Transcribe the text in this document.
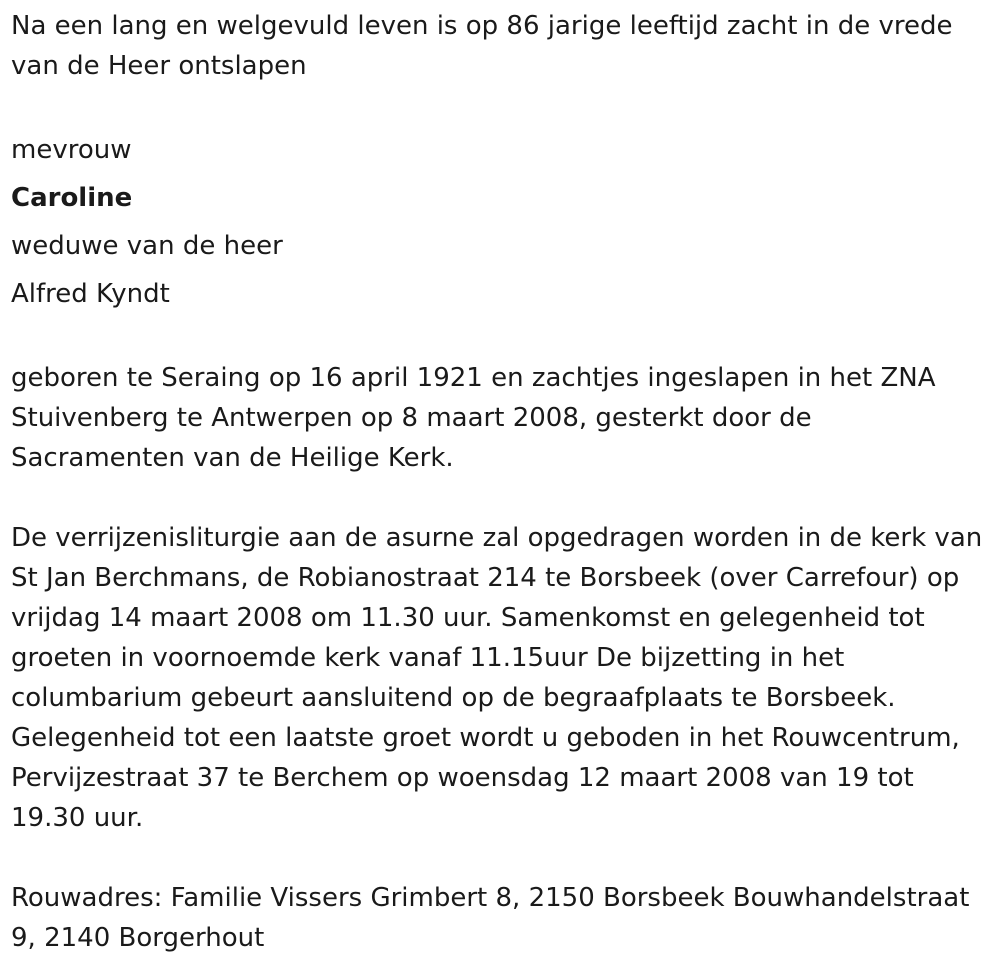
Na een lang en welgevuld leven is op 86 jarige leeftijd zacht in de vrede van de Heer ontslapen

mevrouw

Caroline

weduwe van de heer

Alfred Kyndt

geboren te Seraing op 16 april 1921 en zachtjes ingeslapen in het ZNA Stuivenberg te Antwerpen op 8 maart 2008, gesterkt door de Sacramenten van de Heilige Kerk.

De verrijzenisliturgie aan de asurne zal opgedragen worden in de kerk van St Jan Berchmans, de Robianostraat 214 te Borsbeek (over Carrefour) op vrijdag 14 maart 2008 om 11.30 uur. Samenkomst en gelegenheid tot groeten in voornoemde kerk vanaf 11.15uur De bijzetting in het columbarium gebeurt aansluitend op de begraafplaats te Borsbeek. Gelegenheid tot een laatste groet wordt u geboden in het Rouwcentrum, Pervijzestraat 37 te Berchem op woensdag 12 maart 2008 van 19 tot 19.30 uur.

Rouwadres: Familie Vissers Grimbert 8, 2150 Borsbeek Bouwhandelstraat 9, 2140 Borgerhout
